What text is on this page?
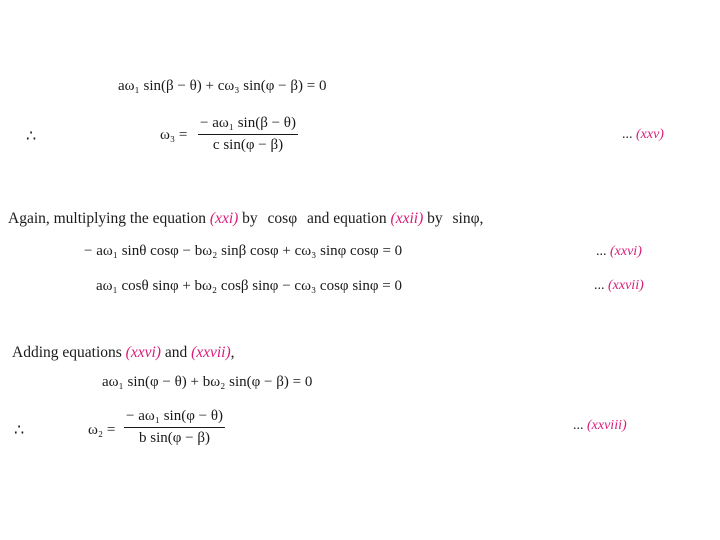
aω₁ sin(β − θ) + cω₃ sin(φ − β) = 0
∴	$\omega_3 = \frac{\text{− aω₁ sin(β − θ)}}{\text{c sin(φ − β)}}$	... (xxv)
Again, multiplying the equation (xxi) by cosφ and equation (xxii) by sinφ,
− aω₁ sinθ cosφ − bω₂ sinβ cosφ + cω₃ sinφ cosφ = 0	... (xxvi)
aω₁ cosθ sinφ + bω₂ cosβ sinφ − cω₃ cosφ sinφ = 0	... (xxvii)
Adding equations (xxvi) and (xxvii),
aω₁ sin(φ − θ) + bω₂ sin(φ − β) = 0
∴	$\omega_2 = \frac{\text{− aω₁ sin(φ − θ)}}{\text{b sin(φ − β)}}$	... (xxviii)
